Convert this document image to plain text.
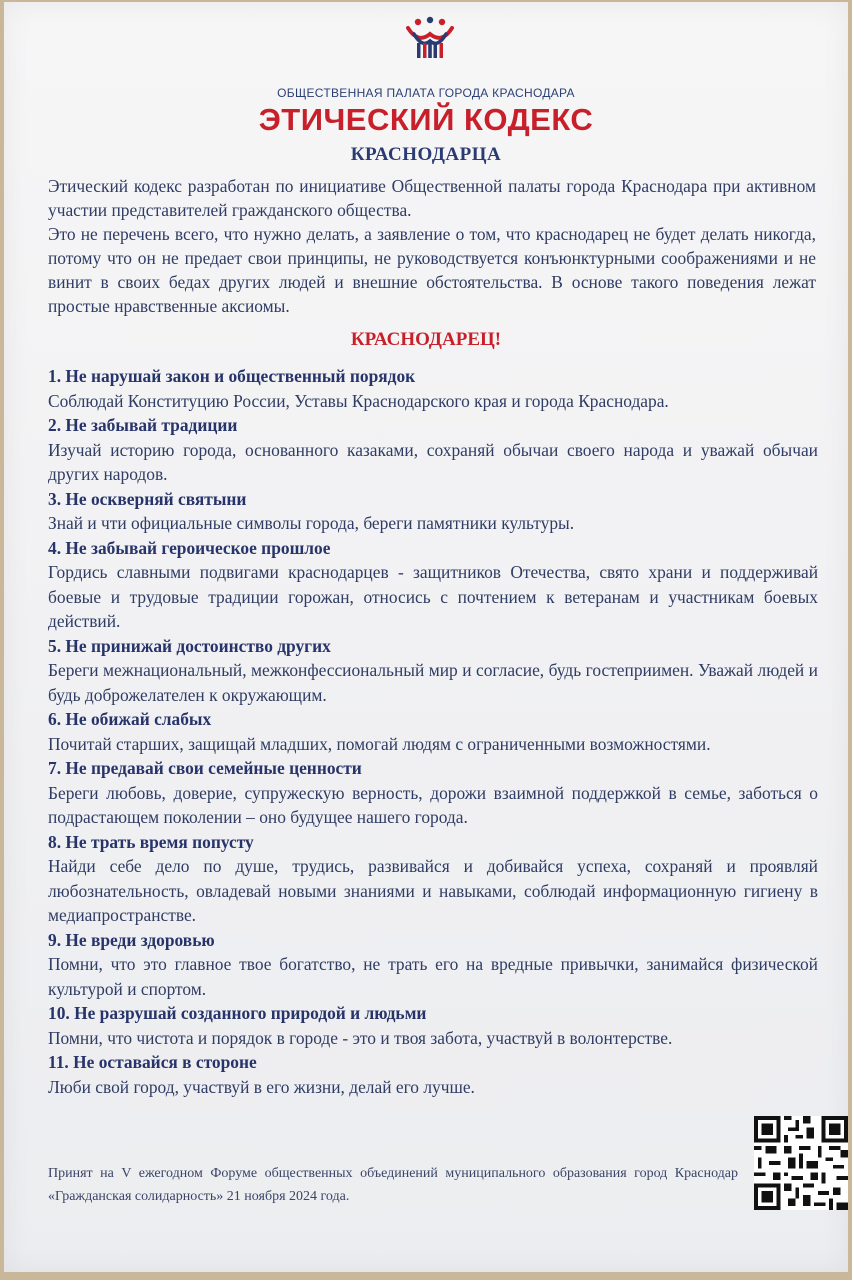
ОБЩЕСТВЕННАЯ ПАЛАТА ГОРОДА КРАСНОДАРА
ЭТИЧЕСКИЙ КОДЕКС
КРАСНОДАРЦА

Этический кодекс разработан по инициативе Общественной палаты города Краснодара при активном участии представителей гражданского общества.

Это не перечень всего, что нужно делать, а заявление о том, что краснодарец не будет делать никогда, потому что он не предает свои принципы, не руководствуется конъюнктурными соображениями и не винит в своих бедах других людей и внешние обстоятельства. В основе такого поведения лежат простые нравственные аксиомы.

КРАСНОДАРЕЦ!

1. Не нарушай закон и общественный порядок

Соблюдай Конституцию России, Уставы Краснодарского края и города Краснодара.

2. Не забывай традиции

Изучай историю города, основанного казаками, сохраняй обычаи своего народа и уважай обычаи других народов.

3. Не оскверняй святыни

Знай и чти официальные символы города, береги памятники культуры.

4. Не забывай героическое прошлое

Гордись славными подвигами краснодарцев - защитников Отечества, свято храни и поддерживай боевые и трудовые традиции горожан, относись с почтением к ветеранам и участникам боевых действий.

5. Не принижай достоинство других

Береги межнациональный, межконфессиональный мир и согласие, будь гостеприимен. Уважай людей и будь доброжелателен к окружающим.

6. Не обижай слабых

Почитай старших, защищай младших, помогай людям с ограниченными возможностями.

7. Не предавай свои семейные ценности

Береги любовь, доверие, супружескую верность, дорожи взаимной поддержкой в семье, заботься о подрастающем поколении – оно будущее нашего города.

8. Не трать время попусту

Найди себе дело по душе, трудись, развивайся и добивайся успеха, сохраняй и проявляй любознательность, овладевай новыми знаниями и навыками, соблюдай информационную гигиену в медиапространстве.

9. Не вреди здоровью

Помни, что это главное твое богатство, не трать его на вредные привычки, занимайся физической культурой и спортом.

10. Не разрушай созданного природой и людьми

Помни, что чистота и порядок в городе - это и твоя забота, участвуй в волонтерстве.

11. Не оставайся в стороне

Люби свой город, участвуй в его жизни, делай его лучше.

Принят на V ежегодном Форуме общественных объединений муниципального образования город Краснодар «Гражданская солидарность» 21 ноября 2024 года.
